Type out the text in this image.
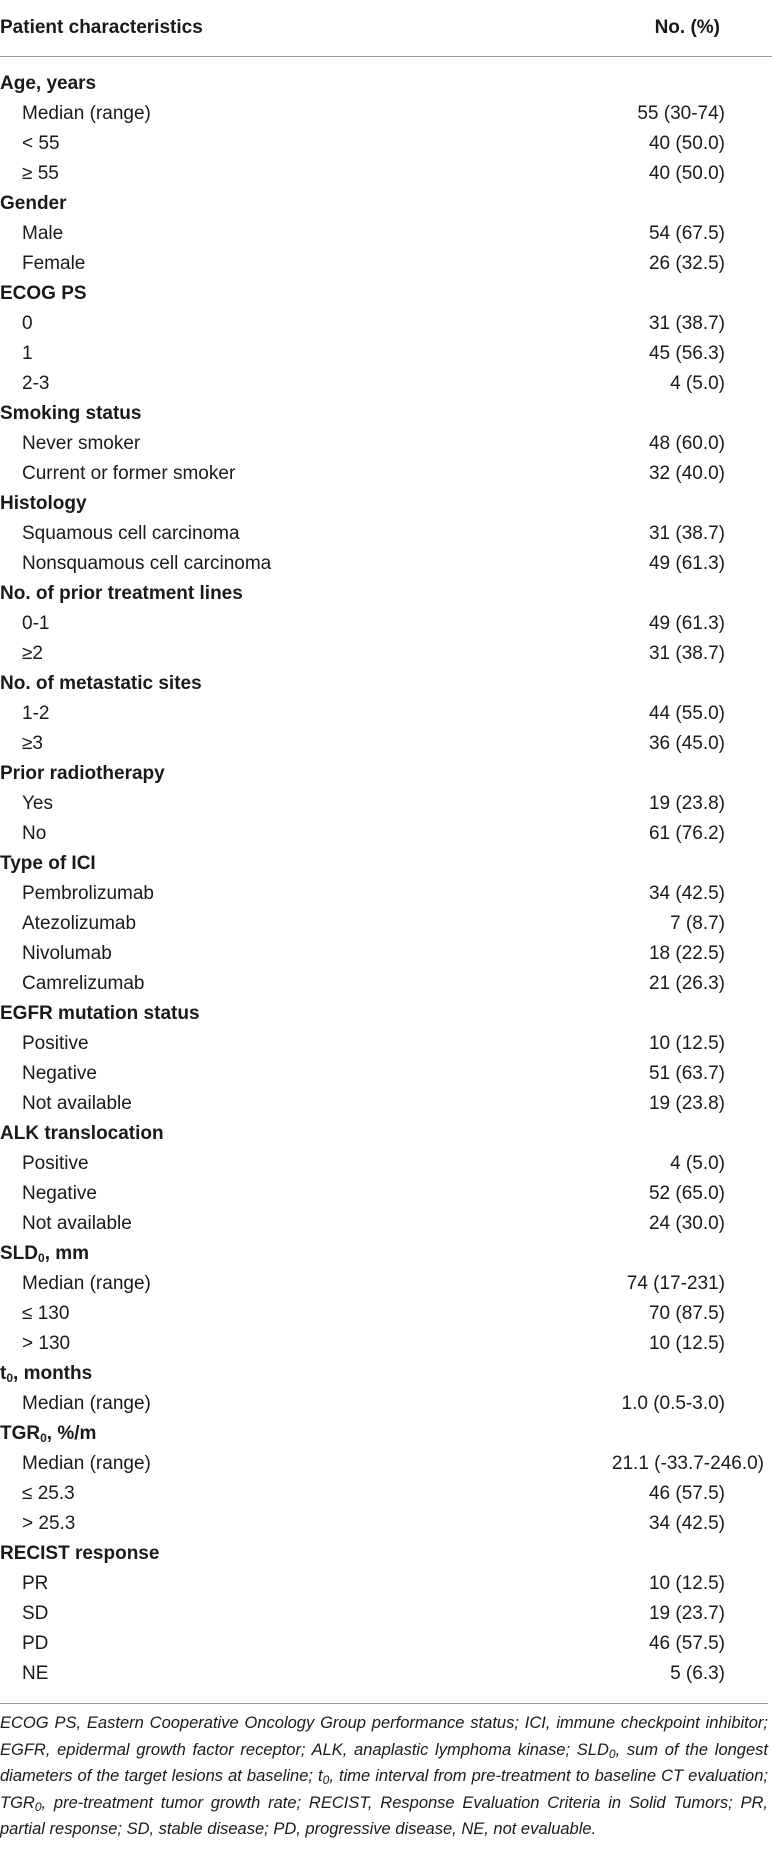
Patient characteristics	No. (%)
Age, years
Median (range)	55 (30-74)
< 55	40 (50.0)
≥ 55	40 (50.0)
Gender
Male	54 (67.5)
Female	26 (32.5)
ECOG PS
0	31 (38.7)
1	45 (56.3)
2-3	4 (5.0)
Smoking status
Never smoker	48 (60.0)
Current or former smoker	32 (40.0)
Histology
Squamous cell carcinoma	31 (38.7)
Nonsquamous cell carcinoma	49 (61.3)
No. of prior treatment lines
0-1	49 (61.3)
≥2	31 (38.7)
No. of metastatic sites
1-2	44 (55.0)
≥3	36 (45.0)
Prior radiotherapy
Yes	19 (23.8)
No	61 (76.2)
Type of ICI
Pembrolizumab	34 (42.5)
Atezolizumab	7 (8.7)
Nivolumab	18 (22.5)
Camrelizumab	21 (26.3)
EGFR mutation status
Positive	10 (12.5)
Negative	51 (63.7)
Not available	19 (23.8)
ALK translocation
Positive	4 (5.0)
Negative	52 (65.0)
Not available	24 (30.0)
$SLD_0$, mm
Median (range)	74 (17-231)
≤ 130	70 (87.5)
> 130	10 (12.5)
$t_0$, months
Median (range)	1.0 (0.5-3.0)
$TGR_0$, %/m
Median (range)	21.1 (-33.7-246.0)
≤ 25.3	46 (57.5)
> 25.3	34 (42.5)
RECIST response
PR	10 (12.5)
SD	19 (23.7)
PD	46 (57.5)
NE	5 (6.3)
ECOG PS, Eastern Cooperative Oncology Group performance status; ICI, immune checkpoint inhibitor; EGFR, epidermal growth factor receptor; ALK, anaplastic lymphoma kinase; $SLD_0$, sum of the longest diameters of the target lesions at baseline; $t_0$, time interval from pre-treatment to baseline CT evaluation; $TGR_0$, pre-treatment tumor growth rate; RECIST, Response Evaluation Criteria in Solid Tumors; PR, partial response; SD, stable disease; PD, progressive disease, NE, not evaluable.
